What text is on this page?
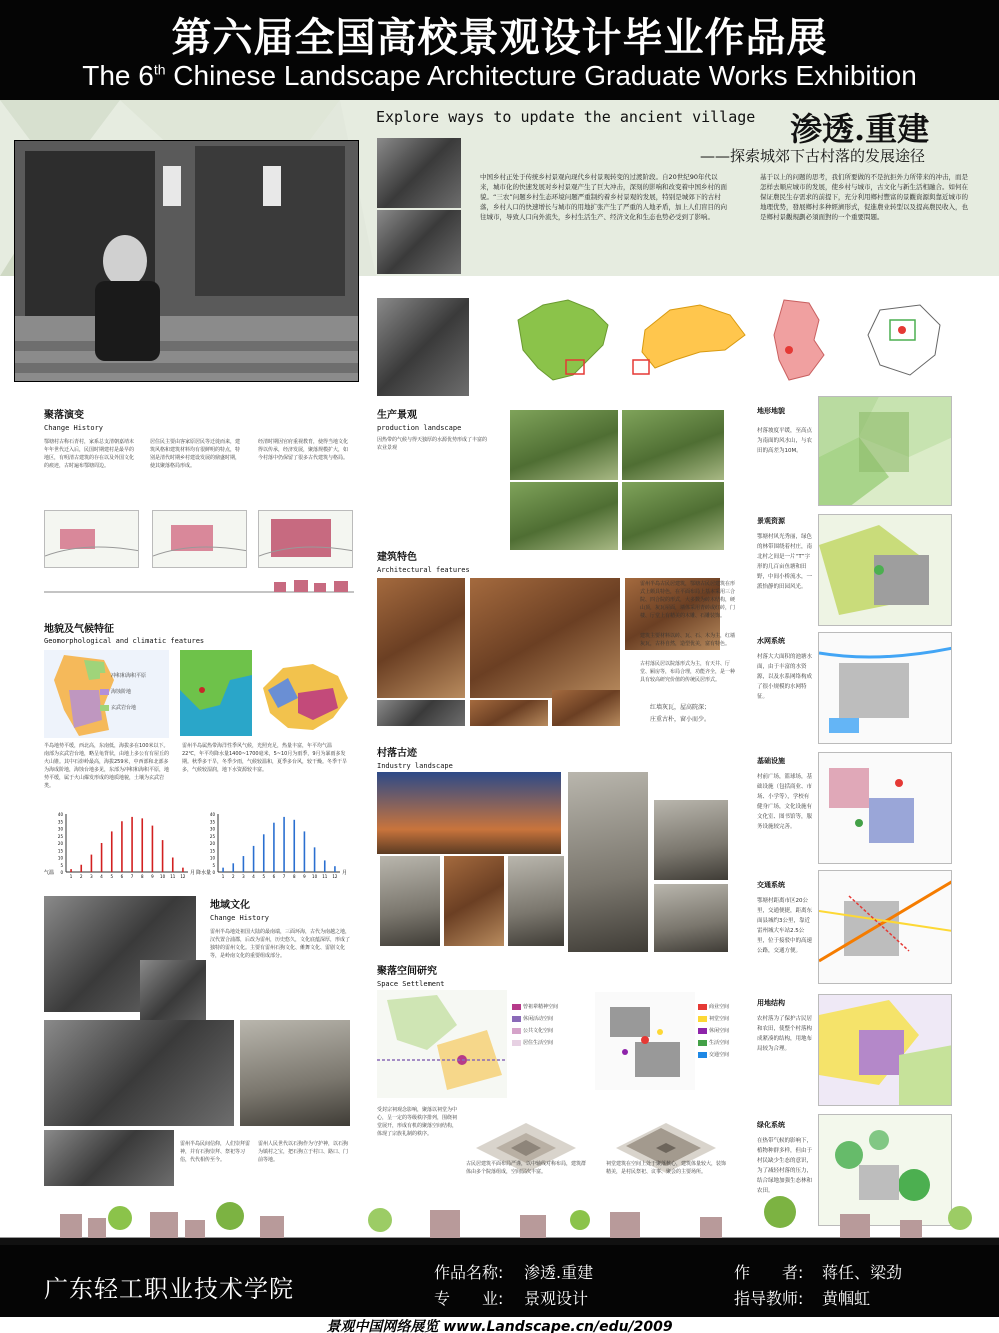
第六届全国高校景观设计毕业作品展
The 6th Chinese Landscape Architecture Graduate Works Exhibition
Explore ways to update the ancient village 渗透.重建
——探索城郊下古村落的发展途径
中国乡村正处于传统乡村景观向现代乡村景观转变的过渡阶段。自20世纪90年代以来，城市化的快速发展对乡村景观产生了巨大冲击，深刻的影响和改变着中国乡村的面貌。“三农”问题乡村生态环境问题严重制约着乡村景观的发展，特别是城郊下的古村落，乡村人口的快速增长与城市的用地扩张产生了严重的人地矛盾，加上人们盲目的向往城市，导致人口向外流失，乡村生活生产、经济文化和生态也势必受到了影响。
基于以上的问题的思考，我们所要做的不是抗拒外力所带来的冲击，而是怎样去顺应城市的发展，使乡村与城市，古文化与新生活相融合。如何在保证農民生存需求的前提下，充分利用鄉村豐富的景觀資源與靠近城市的地理优势，發展鄉村多种經濟形式，促進農业转型以及提高農民收入，也是鄉村景觀規劃必須面對的一个重要問題。
聚落演变
Change History
鄂塘村古称石青村，家系总支清朝嘉靖末年年世代迁入后，民国时期建村是最早的地区，有明清古建筑的存在以及外国文化的痕迹，古时遍布鄂塘周边。
居住民主要由客家原居民等迁徙而来，建筑风格和建筑材料均有很鲜明的特点，特别是清代时期乡村建设发展的鼎盛时期，使其聚落格局形成。
经清时期因官府重视教育，使得当地文化得以传承，经济发展，聚落规模扩大，如今村落中仍保留了很多古代建筑与格局。
地貌及气候特征
Geomorphological and climatic features
冲积和海积平原
海蚀阶地
玄武岩台地
半岛地势平缓，西北高，东南低，海拔多在100米以下。南部为玄武岩台地，略呈龟背状，由地上多公有有屋丘的火山锥。其中石峁岭最高，海拔259米，中西部和北部多为海成阶地，海蚀台地多见，东部为冲积和海积平原，地势平缓，属于火山爆发形成的地质地貌，土壤为玄武岩类。
雷州半岛属热带海洋性季风气候，光照充足，热量丰富，年平均气温22℃，年平均降水量1400~1700毫米，5~10月为雨季，9月为暴雨多发期。秋季多干旱，冬季少雨，气候较温和，夏季多台风，较干燥。冬季干旱多，气候较湿润，地下水资源较丰富。
0
5
10
15
20
25
30
35
40
1 2 3 4 5 6 7 8 9 10 11 12
气温	月	0
5
10
15
20
25
30
35
40
1 2 3 4 5 6 7 8 9 10 11 12
降水量	月
地域文化
Change History
雷州半岛地处祖国大陆的最南端，三面环海，古代为南越之地，汉代置合浦郡，后改为雷州，历史悠久，文化底蕴深厚，形成了独特的雷州文化。主要有雷州石狗文化、傩舞文化、雷剧文化等，是岭南文化的重要组成部分。
雷州半岛民间信仰，人们崇拜雷神，并有石狗崇拜、祭祀等习俗，代代相传至今。
雷州人民世代以石狗作为守护神，以石狗为镇村之宝，把石狗立于村口、路口、门前等地。
生产景观
production landscape
因热带的气候与得天独厚的水源优势形成了丰富的农业景观
建筑特色
Architectural features
雷州半岛古民居建筑，鄂塘古民居建筑在形式上颇具特色，在平面布局上基本采用三合院、四合院的形式，大多数为砖木结构，硬山顶，灰瓦屋面，墙体采用青砖或红砖，门楼、厅堂上有精美的木雕、石雕装饰。
建筑主要材料以砖、瓦、石、木为主，红墙灰瓦，古朴自然，造型优美，富有特色。
古村落民居以院落形式为主，有天井、厅堂、厢房等，布局合理，功能齐全，是一种具有较高研究价值的传统民居形式。
红墙灰瓦，屋高院深；
庄重古朴，窗小而少。
村落古迹
Industry landscape
聚落空间研究
Space Settlement
曾祖辈精神空间
休闲活动空间
公共文化空间
居住生活空间
商业空间
祠堂空间
休闲空间
生活空间
交通空间
受封宗祠观念影响，聚落以祠堂为中心，呈一定的等级秩序排列，围绕祠堂展开，形成有机的聚落空间结构，体现了宗族礼制的秩序。
古民居建筑平面布局严谨，以中轴线对称布局，建筑群体由多个院落组成，空间层次丰富。
祠堂建筑在空间上处于聚落核心，建筑体量较大，装饰精美，是村民祭祀、议事、聚会的主要场所。
地形地貌
村落坡度平缓，至高点为南面的风水山，与农田的高差为10M。
景观资源
鄂塘村风光秀丽，绿色的林带围绕着村庄，南北村之间是一片“T”字形的几百亩鱼塘和田野，中间小桥流水，一派怡静的田园风光。
水网系统
村落大大面积的池塘水面，由于丰富的水资源，以及水系网络构成了很小规模的水网特征。
基础设施
村前广场，篮球场，基础设施（包括商业、市场、小学等），学校有健身广场，文化设施有文化室、图书馆等，服务设施较完善。
交通系统
鄂塘村距离市区20公里，交通便捷，距离东面县城约3公里，靠近雷州城大车站2.5公里，位于接驳中的高速公路，交通方便。
用地结构
农村落为了保护古民居和农田，使整个村落构成紧凑的结构，用地布局较为合理。
绿化系统
在热带气候的影响下，植物种群多样，但由于村民缺少生态的意识，为了减轻村落的压力，结合绿地加强生态林和农田。
广东轻工职业技术学院
作品名称: 渗透.重建
专　　业: 景观设计
作　　者: 蒋任、梁劲
指导教师: 黄帼虹
景观中国网络展览 www.Landscape.cn/edu/2009
